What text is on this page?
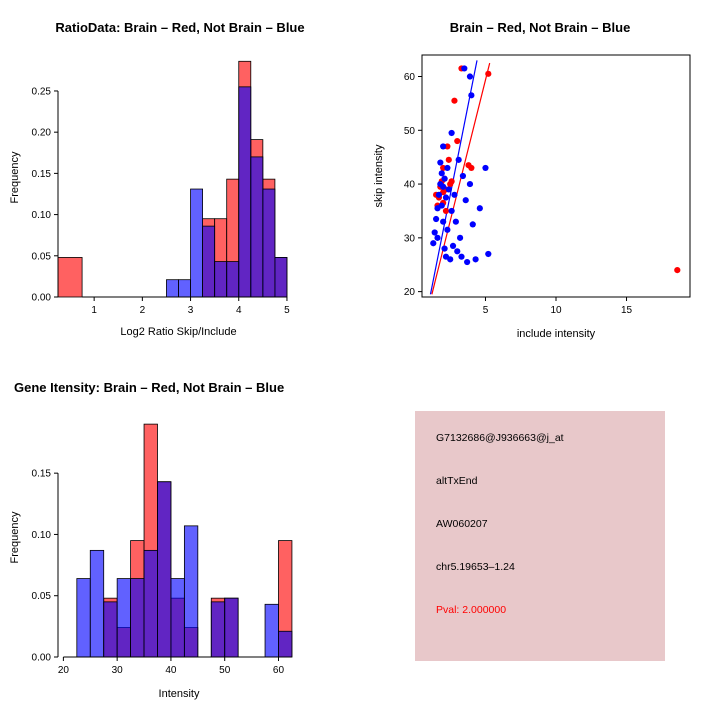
RatioData: Brain – Red, Not Brain – Blue
1	2	3	4	5
0.00
0.05
0.10
0.15
0.20
0.25
Log2 Ratio Skip/Include
Frequency
Brain – Red, Not Brain – Blue
5	10	15
20
30
40
50
60
include intensity
skip intensity
Gene Itensity: Brain – Red, Not Brain – Blue
20	30	40	50	60
0.00
0.05
0.10
0.15
Intensity
Frequency
G7132686@J936663@j_at
altTxEnd
AW060207
chr5.19653–1.24
Pval: 2.000000
